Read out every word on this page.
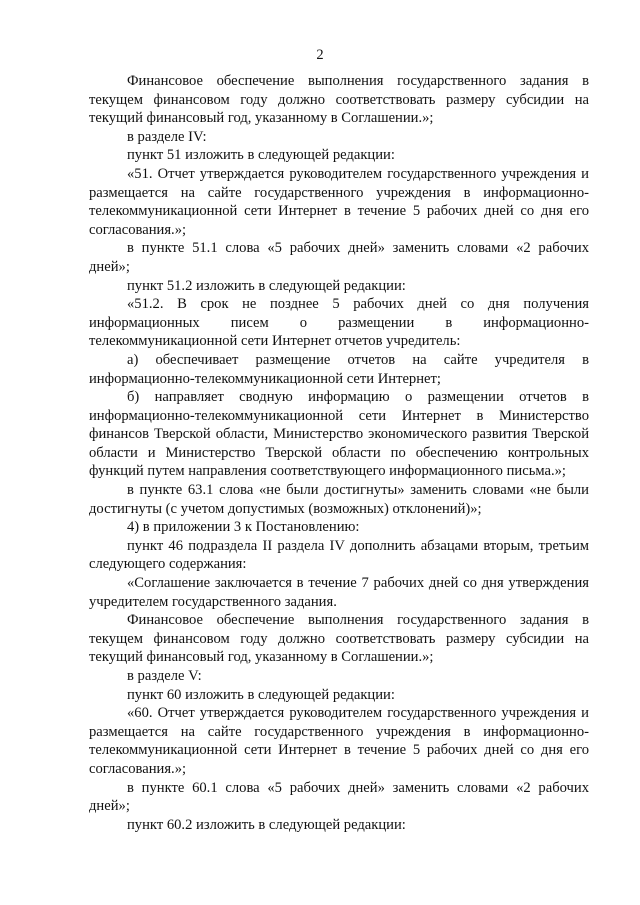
2

Финансовое обеспечение выполнения государственного задания в текущем финансовом году должно соответствовать размеру субсидии на текущий финансовый год, указанному в Соглашении.»;

в разделе IV:

пункт 51 изложить в следующей редакции:

«51. Отчет утверждается руководителем государственного учреждения и размещается на сайте государственного учреждения в информационно-телекоммуникационной сети Интернет в течение 5 рабочих дней со дня его согласования.»;

в пункте 51.1 слова «5 рабочих дней» заменить словами «2 рабочих дней»;

пункт 51.2 изложить в следующей редакции:

«51.2. В срок не позднее 5 рабочих дней со дня получения информационных писем о размещении в информационно-телекоммуникационной сети Интернет отчетов учредитель:

а) обеспечивает размещение отчетов на сайте учредителя в информационно-телекоммуникационной сети Интернет;

б) направляет сводную информацию о размещении отчетов в информационно-телекоммуникационной сети Интернет в Министерство финансов Тверской области, Министерство экономического развития Тверской области и Министерство Тверской области по обеспечению контрольных функций путем направления соответствующего информационного письма.»;

в пункте 63.1 слова «не были достигнуты» заменить словами «не были достигнуты (с учетом допустимых (возможных) отклонений)»;

4) в приложении 3 к Постановлению:

пункт 46 подраздела II раздела IV дополнить абзацами вторым, третьим следующего содержания:

«Соглашение заключается в течение 7 рабочих дней со дня утверждения учредителем государственного задания.

Финансовое обеспечение выполнения государственного задания в текущем финансовом году должно соответствовать размеру субсидии на текущий финансовый год, указанному в Соглашении.»;

в разделе V:

пункт 60 изложить в следующей редакции:

«60. Отчет утверждается руководителем государственного учреждения и размещается на сайте государственного учреждения в информационно-телекоммуникационной сети Интернет в течение 5 рабочих дней со дня его согласования.»;

в пункте 60.1 слова «5 рабочих дней» заменить словами «2 рабочих дней»;

пункт 60.2 изложить в следующей редакции:
